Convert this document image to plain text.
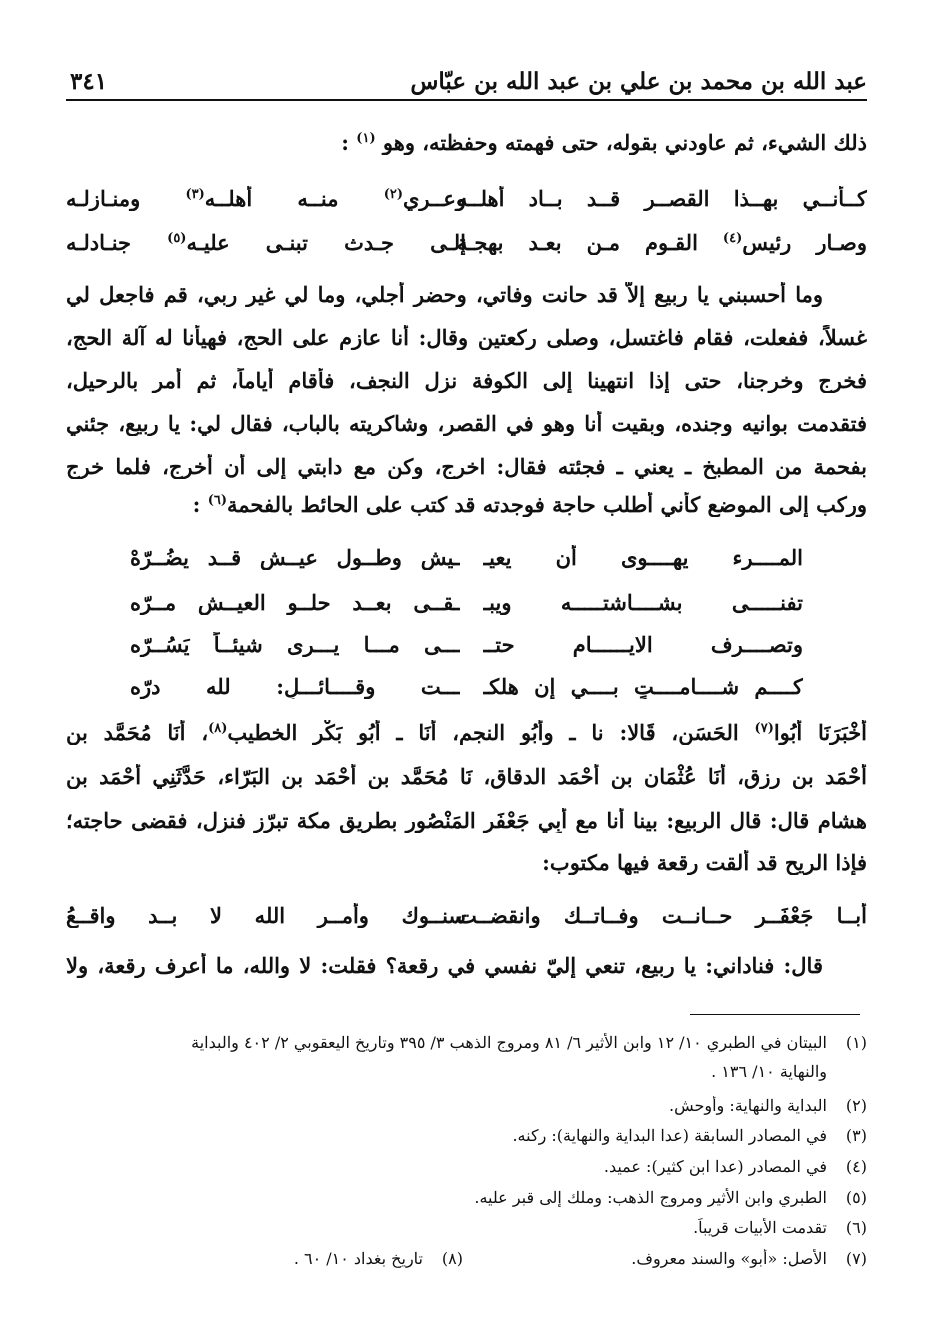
عبد الله بن محمد بن علي بن عبد الله بن عبّاس
٣٤١
ذلك الشيء، ثم عاودني بقوله، حتى فهمته وحفظته، وهو $^{(١)}$ :
كــأنــي بهــذا القصــر قــد بــاد أهلــه
وعــري$^{(٢)}$ منــه أهلــه$^{(٣)}$ ومنـازلـه
وصـار رئيس$^{(٤)}$ القـوم مـن بعـد بهجـة
إلـى جـدث تبنـى عليـه$^{(٥)}$ جنـادلـه
وما أحسبني يا ربيع إلاّ قد حانت وفاتي، وحضر أجلي، وما لي غير ربي، قم فاجعل لي
غسلاً، ففعلت، فقام فاغتسل، وصلى ركعتين وقال: أنا عازم على الحج، فهيأنا له آلة الحج،
فخرج وخرجنا، حتى إذا انتهينا إلى الكوفة نزل النجف، فأقام أياماً، ثم أمر بالرحيل،
فتقدمت بوانيه وجنده، وبقيت أنا وهو في القصر، وشاكريته بالباب، فقال لي: يا ربيع، جئني
بفحمة من المطبخ ـ يعني ـ فجئته فقال: اخرج، وكن مع دابتي إلى أن أخرج، فلما خرج
وركب إلى الموضع كأني أطلب حاجة فوجدته قد كتب على الحائط بالفحمة$^{(٦)}$ :
المــــرء يهــــوى أن يعيـ
ـيش وطــول عيــشٍ قــد يضُــرّهْ
تفنـــــى بشــــاشتـــــه ويبـ
ـقــى بعــد حلــو العيــش مــرّه
وتصــــرف الايــــــام حتــ
ـــى مـــا يـــرى شيئــاً يَسُــرّه
كــــم شــــامــــتٍ بــــي إن هلكـ
ـــت وقــــائـــلٍ: لله درّه
أَخْبَرَنَا أَبُوا$^{(٧)}$ الحَسَن، قَالا: نا ـ وأَبُو النجم، أَنَا ـ أَبُو بَكْر الخطيب$^{(٨)}$، أَنَا مُحَمَّد بن
أَحْمَد بن رزق، أَنَا عُثْمَان بن أَحْمَد الدقاق، نَا مُحَمَّد بن أَحْمَد بن البَرّاء، حَدَّثَنِي أَحْمَد بن
هشام قال: قال الربيع: بينا أنا مع أَبِي جَعْفَر المَنْصُور بطريق مكة تبرّز فنزل، فقضى حاجته؛
فإذا الريح قد ألقت رقعة فيها مكتوب:
أَبــا جَعْفَــر حــانــت وفــاتــك وانقضــت
سنــوك وأمــر الله لا بــد واقــعُ
قال: فناداني: يا ربيع، تنعي إليّ نفسي في رقعة؟ فقلت: لا والله، ما أعرف رقعة، ولا
(١)البيتان في الطبري ١٠/ ١٢ وابن الأثير ٦/ ٨١ ومروج الذهب ٣/ ٣٩٥ وتاريخ اليعقوبي ٢/ ٤٠٢ والبداية
والنهاية ١٠/ ١٣٦ .
(٢)البداية والنهاية: وأوحش.
(٣)في المصادر السابقة (عدا البداية والنهاية): ركنه.
(٤)في المصادر (عدا ابن كثير): عميد.
(٥)الطبري وابن الأثير ومروج الذهب: وملك إلى قبر عليه.
(٦)تقدمت الأبيات قريباً.
(٧)الأصل: «أبو» والسند معروف.
(٨)تاريخ بغداد ١٠/ ٦٠ .
